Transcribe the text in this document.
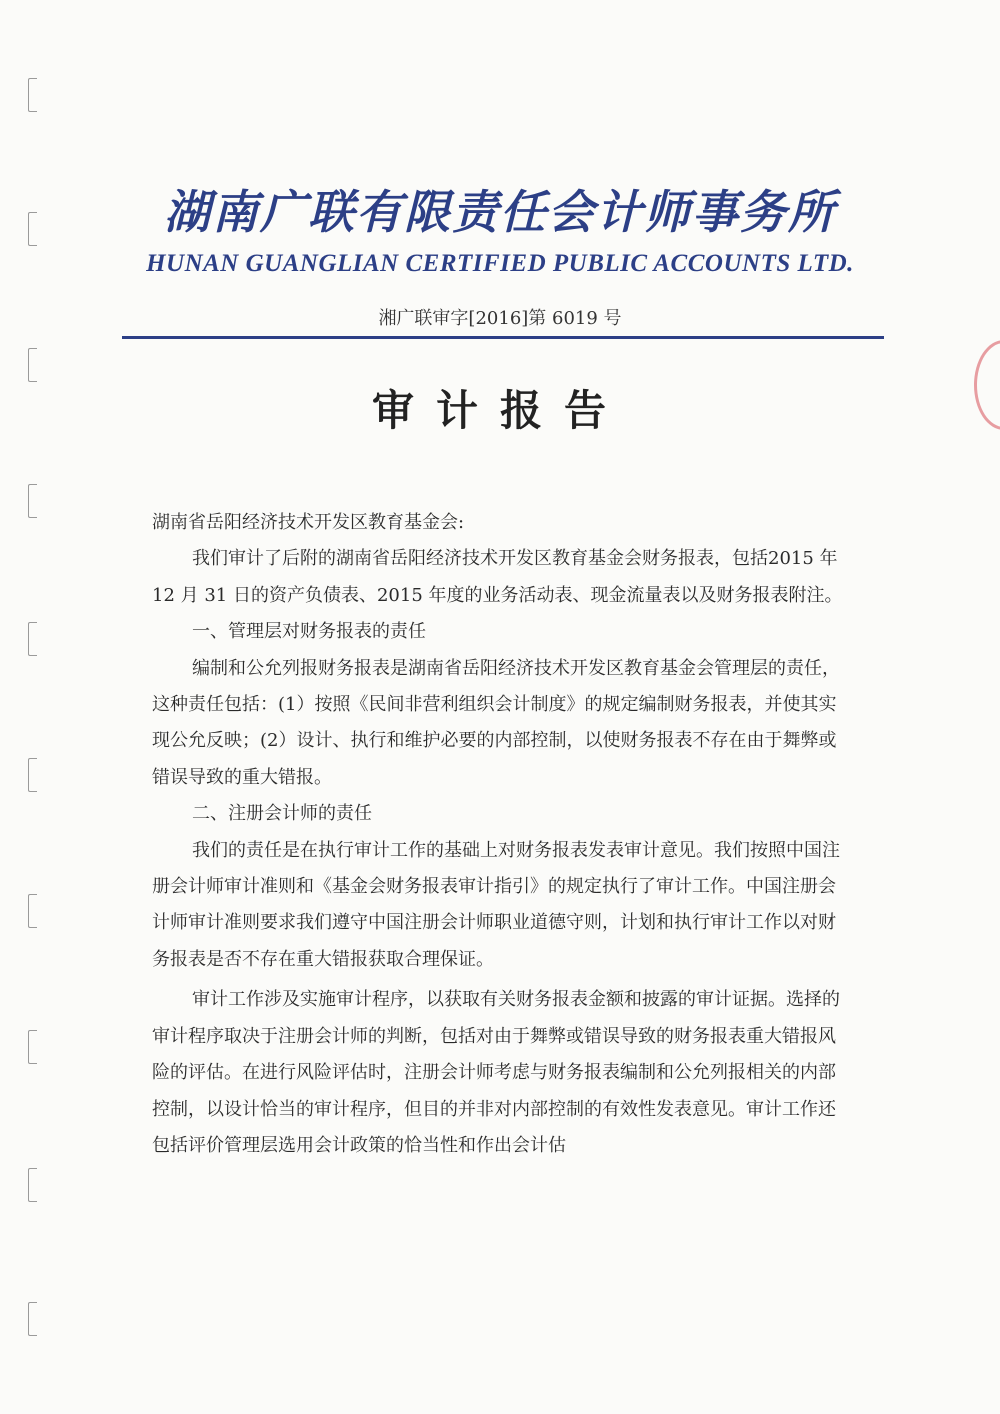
湖南广联有限责任会计师事务所
HUNAN GUANGLIAN CERTIFIED PUBLIC ACCOUNTS LTD.

湘广联审字[2016]第 6019 号

审计报告

湖南省岳阳经济技术开发区教育基金会:

我们审计了后附的湖南省岳阳经济技术开发区教育基金会财务报表，包括2015 年 12 月 31 日的资产负债表、2015 年度的业务活动表、现金流量表以及财务报表附注。

一、管理层对财务报表的责任

编制和公允列报财务报表是湖南省岳阳经济技术开发区教育基金会管理层的责任，这种责任包括：(1）按照《民间非营利组织会计制度》的规定编制财务报表，并使其实现公允反映；(2）设计、执行和维护必要的内部控制，以使财务报表不存在由于舞弊或错误导致的重大错报。

二、注册会计师的责任

我们的责任是在执行审计工作的基础上对财务报表发表审计意见。我们按照中国注册会计师审计准则和《基金会财务报表审计指引》的规定执行了审计工作。中国注册会计师审计准则要求我们遵守中国注册会计师职业道德守则，计划和执行审计工作以对财务报表是否不存在重大错报获取合理保证。

审计工作涉及实施审计程序，以获取有关财务报表金额和披露的审计证据。选择的审计程序取决于注册会计师的判断，包括对由于舞弊或错误导致的财务报表重大错报风险的评估。在进行风险评估时，注册会计师考虑与财务报表编制和公允列报相关的内部控制，以设计恰当的审计程序，但目的并非对内部控制的有效性发表意见。审计工作还包括评价管理层选用会计政策的恰当性和作出会计估
